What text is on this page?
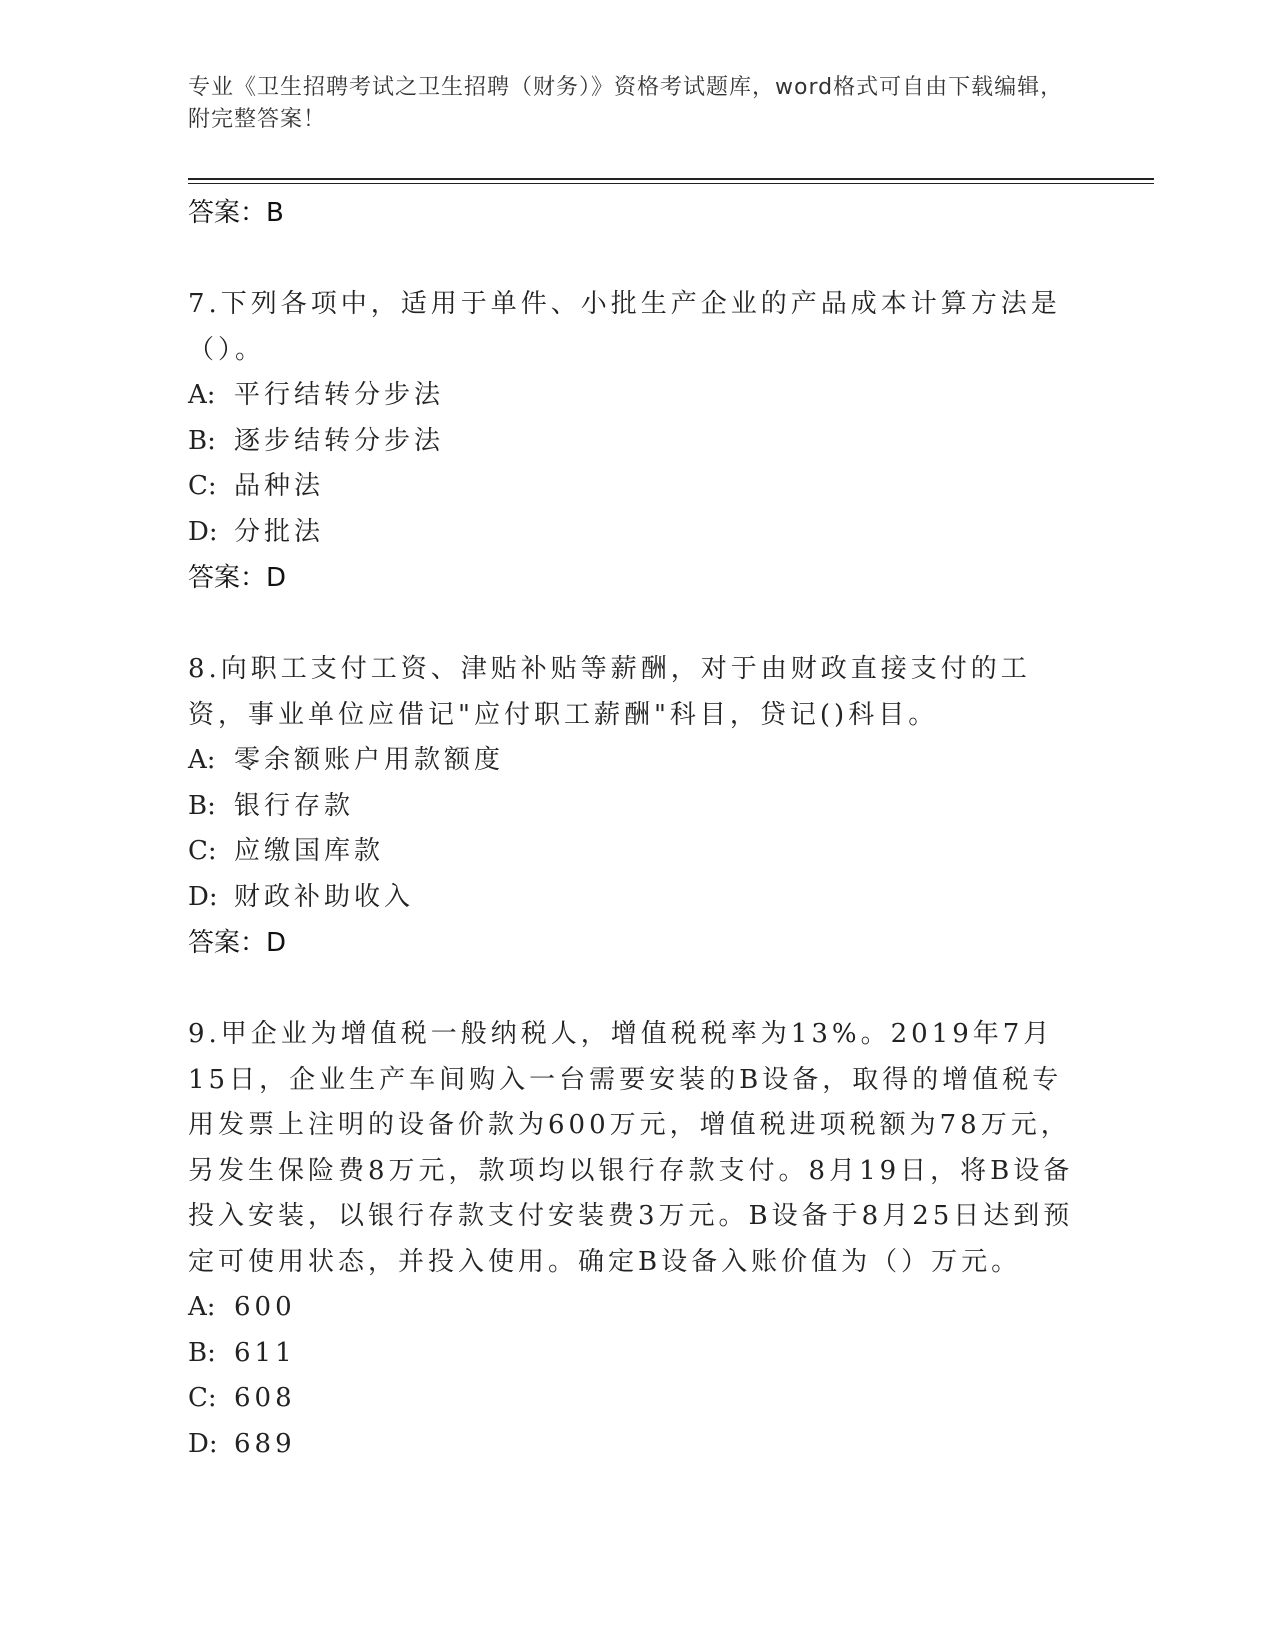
专业《卫生招聘考试之卫生招聘（财务）》资格考试题库，word格式可自由下载编辑，附完整答案！
答案：B
7.下列各项中，适用于单件、小批生产企业的产品成本计算方法是（）。
A: 平行结转分步法
B: 逐步结转分步法
C: 品种法
D: 分批法
答案：D
8.向职工支付工资、津贴补贴等薪酬，对于由财政直接支付的工资，事业单位应借记"应付职工薪酬"科目，贷记()科目。
A: 零余额账户用款额度
B: 银行存款
C: 应缴国库款
D: 财政补助收入
答案：D
9.甲企业为增值税一般纳税人，增值税税率为13%。2019年7月15日，企业生产车间购入一台需要安装的B设备，取得的增值税专用发票上注明的设备价款为600万元，增值税进项税额为78万元，另发生保险费8万元，款项均以银行存款支付。8月19日，将B设备投入安装，以银行存款支付安装费3万元。B设备于8月25日达到预定可使用状态，并投入使用。确定B设备入账价值为（）万元。
A: 600
B: 611
C: 608
D: 689
